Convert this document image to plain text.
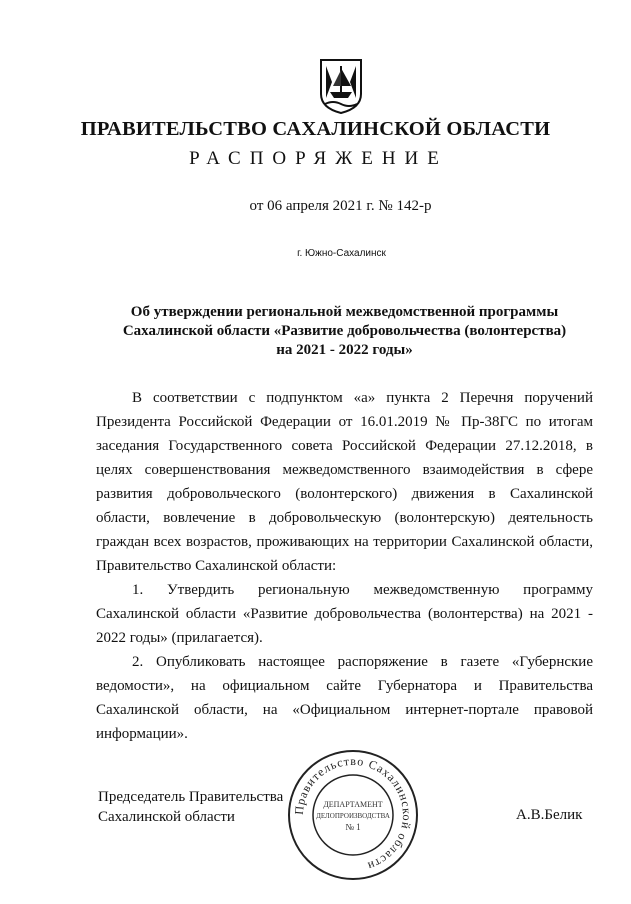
ПРАВИТЕЛЬСТВО САХАЛИНСКОЙ ОБЛАСТИ
РАСПОРЯЖЕНИЕ
от 06 апреля 2021 г. № 142-р
г. Южно-Сахалинск
Об утверждении региональной межведомственной программы
Сахалинской области «Развитие добровольчества (волонтерства)
на 2021 - 2022 годы»
В соответствии с подпунктом «а» пункта 2 Перечня поручений
Президента Российской Федерации от 16.01.2019 № Пр-38ГС по итогам
заседания Государственного совета Российской Федерации 27.12.2018, в
целях совершенствования межведомственного взаимодействия в сфере
развития добровольческого (волонтерского) движения в Сахалинской
области, вовлечение в добровольческую (волонтерскую) деятельность
граждан всех возрастов, проживающих на территории Сахалинской области,
Правительство Сахалинской области:
1. Утвердить региональную межведомственную программу
Сахалинской области «Развитие добровольчества (волонтерства) на 2021 -
2022 годы» (прилагается).
2. Опубликовать настоящее распоряжение в газете «Губернские
ведомости», на официальном сайте Губернатора и Правительства
Сахалинской области, на «Официальном интернет-портале правовой
информации».
Председатель Правительства
Сахалинской области	А.В.Белик
Правительство Сахалинской области
ДЕПАРТАМЕНТ
ДЕЛОПРОИЗВОДСТВА
№ 1
